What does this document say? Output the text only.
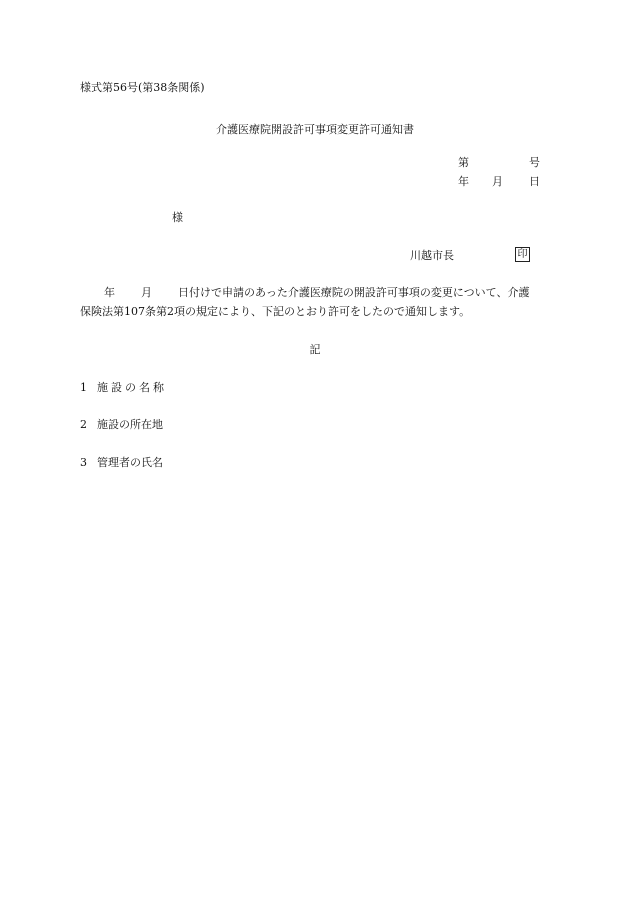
様式第56号(第38条関係)
介護医療院開設許可事項変更許可通知書
第	号
年 月 日
様
川越市長	印
年 月 日付けで申請のあった介護医療院の開設許可事項の変更について、介護
保険法第107条第2項の規定により、下記のとおり許可をしたので通知します。
記
1 施設の名称
2 施設の所在地
3 管理者の氏名
